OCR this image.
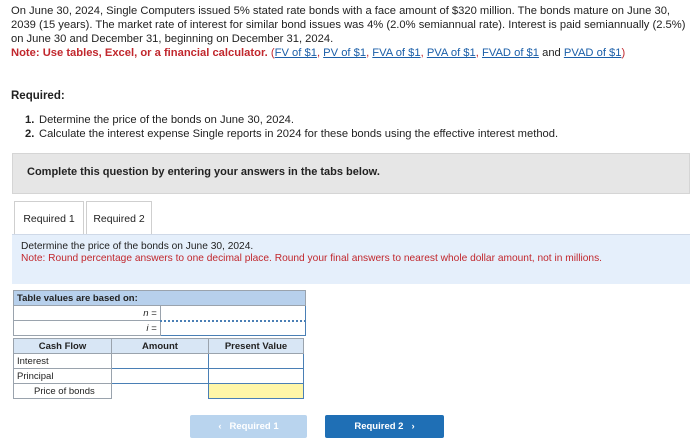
On June 30, 2024, Single Computers issued 5% stated rate bonds with a face amount of $320 million. The bonds mature on June 30, 2039 (15 years). The market rate of interest for similar bond issues was 4% (2.0% semiannual rate). Interest is paid semiannually (2.5%) on June 30 and December 31, beginning on December 31, 2024.

Note: Use tables, Excel, or a financial calculator. (FV of $1, PV of $1, FVA of $1, PVA of $1, FVAD of $1 and PVAD of $1)

Required:
1. Determine the price of the bonds on June 30, 2024.
2. Calculate the interest expense Single reports in 2024 for these bonds using the effective interest method.
Complete this question by entering your answers in the tabs below.
Required 1	Required 2
Determine the price of the bonds on June 30, 2024.
Note: Round percentage answers to one decimal place. Round your final answers to nearest whole dollar amount, not in millions.
Table values are based on:	
n =	
i =	
Cash Flow	Amount	Present Value
Interest		
Principal		
Price of bonds		
‹ Required 1	Required 2 ›
